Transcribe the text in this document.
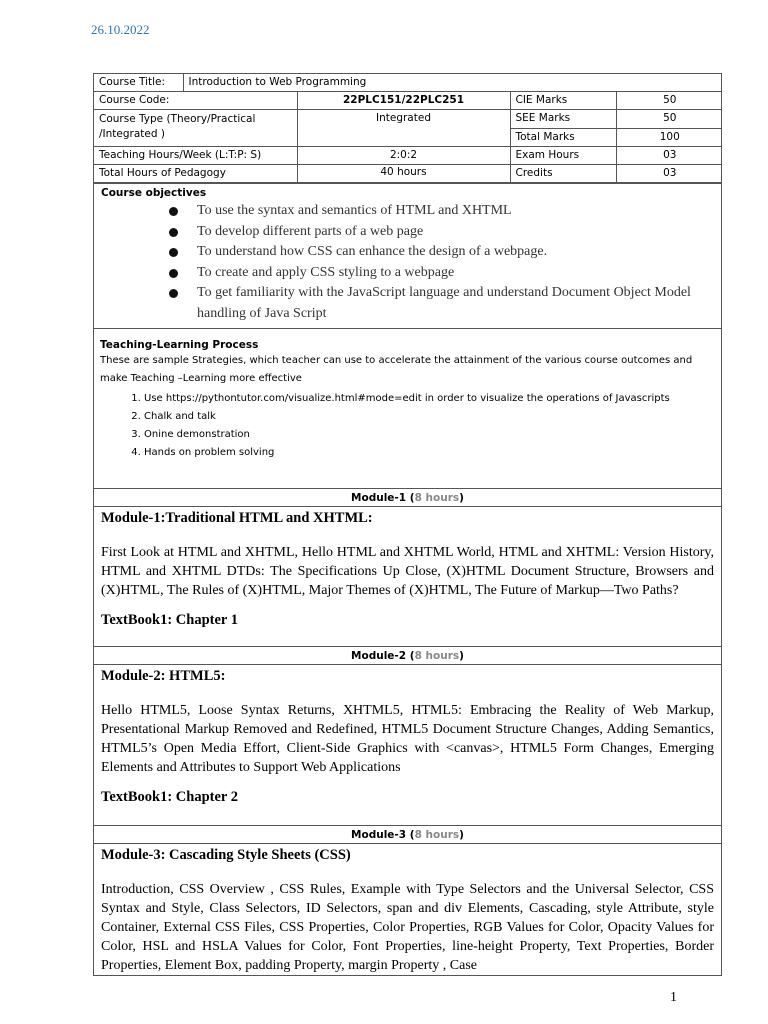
26.10.2022
Course Title:	Introduction to Web Programming			
Course Code:		22PLC151/22PLC251	CIE Marks	50
Course Type (Theory/Practical /Integrated )		Integrated	SEE Marks	50
			Total Marks	100
Teaching Hours/Week (L:T:P: S)		2:0:2	Exam Hours	03
Total Hours of Pedagogy		40 hours	Credits	03
Course objectives
To use the syntax and semantics of HTML and XHTML
To develop different parts of a web page
To understand how CSS can enhance the design of a webpage.
To create and apply CSS styling to a webpage
To get familiarity with the JavaScript language and understand Document Object Model handling of Java Script
Teaching-Learning Process
These are sample Strategies, which teacher can use to accelerate the attainment of the various course outcomes and make Teaching –Learning more effective
1. Use https://pythontutor.com/visualize.html#mode=edit in order to visualize the operations of Javascripts
2. Chalk and talk
3. Onine demonstration
4. Hands on problem solving
Module-1 (8 hours)
Module-1:Traditional HTML and XHTML:
First Look at HTML and XHTML, Hello HTML and XHTML World, HTML and XHTML: Version History, HTML and XHTML DTDs: The Specifications Up Close, (X)HTML Document Structure, Browsers and (X)HTML, The Rules of (X)HTML, Major Themes of (X)HTML, The Future of Markup—Two Paths?
TextBook1: Chapter 1
Module-2 (8 hours)
Module-2: HTML5:
Hello HTML5, Loose Syntax Returns, XHTML5, HTML5: Embracing the Reality of Web Markup, Presentational Markup Removed and Redefined, HTML5 Document Structure Changes, Adding Semantics, HTML5’s Open Media Effort, Client-Side Graphics with <canvas>, HTML5 Form Changes, Emerging Elements and Attributes to Support Web Applications
TextBook1: Chapter 2
Module-3 (8 hours)
Module-3: Cascading Style Sheets (CSS)
Introduction, CSS Overview , CSS Rules, Example with Type Selectors and the Universal Selector, CSS Syntax and Style, Class Selectors, ID Selectors, span and div Elements, Cascading, style Attribute, style Container, External CSS Files, CSS Properties, Color Properties, RGB Values for Color, Opacity Values for Color, HSL and HSLA Values for Color, Font Properties, line-height Property, Text Properties, Border Properties, Element Box, padding Property, margin Property , Case
1
